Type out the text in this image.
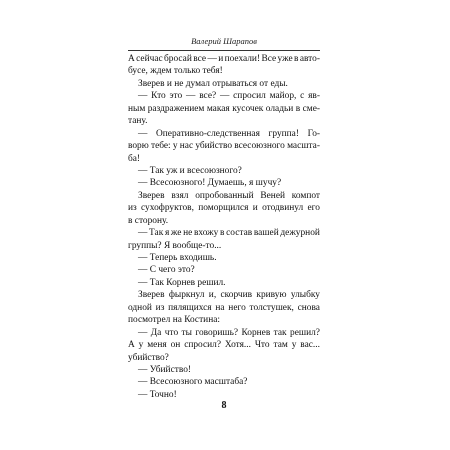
Валерий Шарапов
А сейчас бросай все — и поехали! Все уже в авто-
бусе, ждем только тебя!
Зверев и не думал отрываться от еды.
— Кто это — все? — спросил майор, с яв-
ным раздражением макая кусочек оладьи в сме-
тану.
— Оперативно-следственная группа! Го-
ворю тебе: у нас убийство всесоюзного масшта-
ба!
— Так уж и всесоюзного?
— Всесоюзного! Думаешь, я шучу?
Зверев взял опробованный Веней компот
из сухофруктов, поморщился и отодвинул его
в сторону.
— Так я же не вхожу в состав вашей дежурной
группы? Я вообще-то...
— Теперь входишь.
— С чего это?
— Так Корнев решил.
Зверев фыркнул и, скорчив кривую улыбку
одной из пялящихся на него толстушек, снова
посмотрел на Костина:
— Да что ты говоришь? Корнев так решил?
А у меня он спросил? Хотя... Что там у вас...
убийство?
— Убийство!
— Всесоюзного масштаба?
— Точно!
8
